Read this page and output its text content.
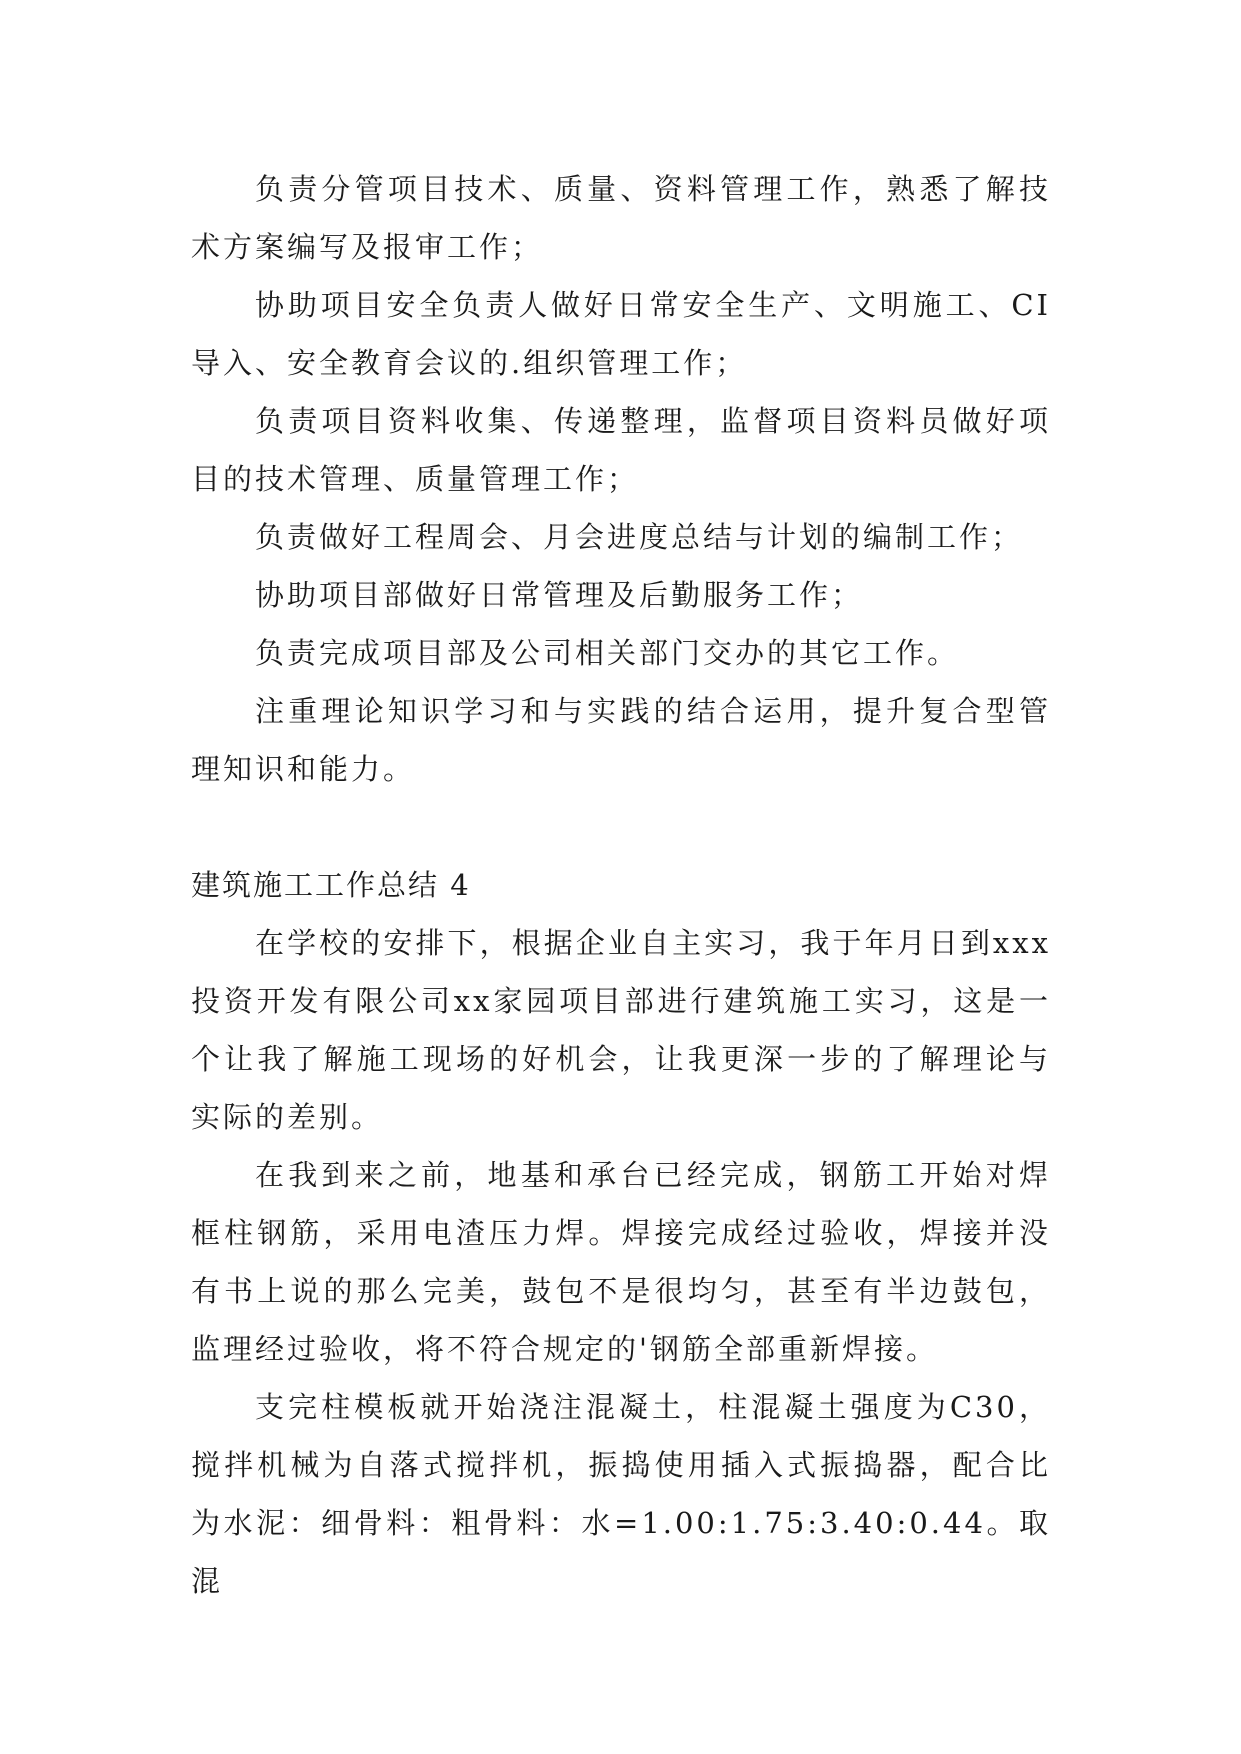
负责分管项目技术、质量、资料管理工作，熟悉了解技术方案编写及报审工作；

协助项目安全负责人做好日常安全生产、文明施工、CI导入、安全教育会议的.组织管理工作；

负责项目资料收集、传递整理，监督项目资料员做好项目的技术管理、质量管理工作；

负责做好工程周会、月会进度总结与计划的编制工作；

协助项目部做好日常管理及后勤服务工作；

负责完成项目部及公司相关部门交办的其它工作。

注重理论知识学习和与实践的结合运用，提升复合型管理知识和能力。

建筑施工工作总结 4

在学校的安排下，根据企业自主实习，我于年月日到xxx投资开发有限公司xx家园项目部进行建筑施工实习，这是一个让我了解施工现场的好机会，让我更深一步的了解理论与实际的差别。

在我到来之前，地基和承台已经完成，钢筋工开始对焊框柱钢筋，采用电渣压力焊。焊接完成经过验收，焊接并没有书上说的那么完美，鼓包不是很均匀，甚至有半边鼓包，监理经过验收，将不符合规定的'钢筋全部重新焊接。

支完柱模板就开始浇注混凝土，柱混凝土强度为C30，搅拌机械为自落式搅拌机，振捣使用插入式振捣器，配合比为水泥：细骨料：粗骨料：水=1.00:1.75:3.40:0.44。取混
